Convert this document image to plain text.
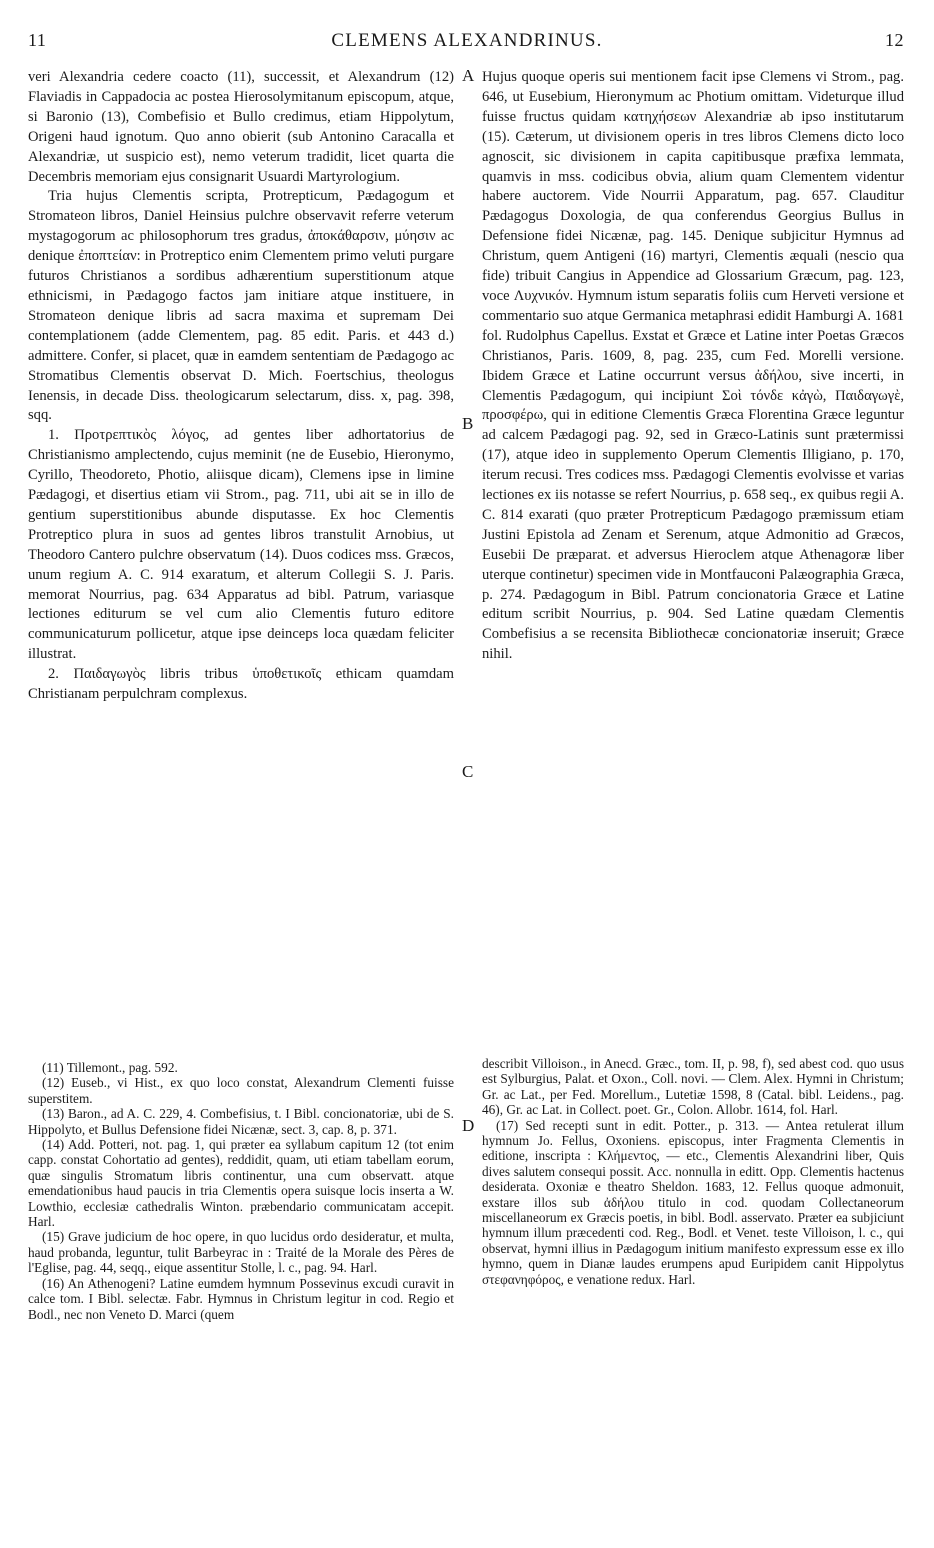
11	CLEMENS ALEXANDRINUS.	12
A
B
C
D

veri Alexandria cedere coacto (11), successit, et Alexandrum (12) Flaviadis in Cappadocia ac postea Hierosolymitanum episcopum, atque, si Baronio (13), Combefisio et Bullo credimus, etiam Hippolytum, Origeni haud ignotum. Quo anno obierit (sub Antonino Caracalla et Alexandriæ, ut suspicio est), nemo veterum tradidit, licet quarta die Decembris memoriam ejus consignarit Usuardi Martyrologium.

Tria hujus Clementis scripta, Protrepticum, Pædagogum et Stromateon libros, Daniel Heinsius pulchre observavit referre veterum mystagogorum ac philosophorum tres gradus, ἀποκάθαρσιν, μύησιν ac denique ἐποπτείαν: in Protreptico enim Clementem primo veluti purgare futuros Christianos a sordibus adhærentium superstitionum atque ethnicismi, in Pædagogo factos jam initiare atque instituere, in Stromateon denique libris ad sacra maxima et supremam Dei contemplationem (adde Clementem, pag. 85 edit. Paris. et 443 d.) admittere. Confer, si placet, quæ in eamdem sententiam de Pædagogo ac Stromatibus Clementis observat D. Mich. Foertschius, theologus Ienensis, in decade Diss. theologicarum selectarum, diss. x, pag. 398, sqq.

1. Προτρεπτικὸς λόγος, ad gentes liber adhortatorius de Christianismo amplectendo, cujus meminit (ne de Eusebio, Hieronymo, Cyrillo, Theodoreto, Photio, aliisque dicam), Clemens ipse in limine Pædagogi, et disertius etiam vii Strom., pag. 711, ubi ait se in illo de gentium superstitionibus abunde disputasse. Ex hoc Clementis Protreptico plura in suos ad gentes libros transtulit Arnobius, ut Theodoro Cantero pulchre observatum (14). Duos codices mss. Græcos, unum regium A. C. 914 exaratum, et alterum Collegii S. J. Paris. memorat Nourrius, pag. 634 Apparatus ad bibl. Patrum, variasque lectiones editurum se vel cum alio Clementis futuro editore communicaturum pollicetur, atque ipse deinceps loca quædam feliciter illustrat.

2. Παιδαγωγὸς libris tribus ὑποθετικοῖς ethicam quamdam Christianam perpulchram complexus.

(11) Tillemont., pag. 592.

(12) Euseb., vi Hist., ex quo loco constat, Alexandrum Clementi fuisse superstitem.

(13) Baron., ad A. C. 229, 4. Combefisius, t. I Bibl. concionatoriæ, ubi de S. Hippolyto, et Bullus Defensione fidei Nicænæ, sect. 3, cap. 8, p. 371.

(14) Add. Potteri, not. pag. 1, qui præter ea syllabum capitum 12 (tot enim capp. constat Cohortatio ad gentes), reddidit, quam, uti etiam tabellam eorum, quæ singulis Stromatum libris continentur, una cum observatt. atque emendationibus haud paucis in tria Clementis opera suisque locis inserta a W. Lowthio, ecclesiæ cathedralis Winton. præbendario communicatam accepit. Harl.

(15) Grave judicium de hoc opere, in quo lucidus ordo desideratur, et multa, haud probanda, leguntur, tulit Barbeyrac in : Traité de la Morale des Pères de l'Eglise, pag. 44, seqq., eique assentitur Stolle, l. c., pag. 94. Harl.

(16) An Athenogeni? Latine eumdem hymnum Possevinus excudi curavit in calce tom. I Bibl. selectæ. Fabr. Hymnus in Christum legitur in cod. Regio et Bodl., nec non Veneto D. Marci (quem

Hujus quoque operis sui mentionem facit ipse Clemens vi Strom., pag. 646, ut Eusebium, Hieronymum ac Photium omittam. Videturque illud fuisse fructus quidam κατηχήσεων Alexandriæ ab ipso institutarum (15). Cæterum, ut divisionem operis in tres libros Clemens dicto loco agnoscit, sic divisionem in capita capitibusque præfixa lemmata, quamvis in mss. codicibus obvia, alium quam Clementem videntur habere auctorem. Vide Nourrii Apparatum, pag. 657. Clauditur Pædagogus Doxologia, de qua conferendus Georgius Bullus in Defensione fidei Nicænæ, pag. 145. Denique subjicitur Hymnus ad Christum, quem Antigeni (16) martyri, Clementis æquali (nescio qua fide) tribuit Cangius in Appendice ad Glossarium Græcum, pag. 123, voce Λυχνικόν. Hymnum istum separatis foliis cum Herveti versione et commentario suo atque Germanica metaphrasi edidit Hamburgi A. 1681 fol. Rudolphus Capellus. Exstat et Græce et Latine inter Poetas Græcos Christianos, Paris. 1609, 8, pag. 235, cum Fed. Morelli versione. Ibidem Græce et Latine occurrunt versus ἀδήλου, sive incerti, in Clementis Pædagogum, qui incipiunt Σοὶ τόνδε κἀγὼ, Παιδαγωγὲ, προσφέρω, qui in editione Clementis Græca Florentina Græce leguntur ad calcem Pædagogi pag. 92, sed in Græco-Latinis sunt prætermissi (17), atque ideo in supplemento Operum Clementis Illigiano, p. 170, iterum recusi. Tres codices mss. Pædagogi Clementis evolvisse et varias lectiones ex iis notasse se refert Nourrius, p. 658 seq., ex quibus regii A. C. 814 exarati (quo præter Protrepticum Pædagogo præmissum etiam Justini Epistola ad Zenam et Serenum, atque Admonitio ad Græcos, Eusebii De præparat. et adversus Hieroclem atque Athenagoræ liber uterque continetur) specimen vide in Montfauconi Palæographia Græca, p. 274. Pædagogum in Bibl. Patrum concionatoria Græce et Latine editum scribit Nourrius, p. 904. Sed Latine quædam Clementis Combefisius a se recensita Bibliothecæ concionatoriæ inseruit; Græce nihil.

describit Villoison., in Anecd. Græc., tom. II, p. 98, f), sed abest cod. quo usus est Sylburgius, Palat. et Oxon., Coll. novi. — Clem. Alex. Hymni in Christum; Gr. ac Lat., per Fed. Morellum., Lutetiæ 1598, 8 (Catal. bibl. Leidens., pag. 46), Gr. ac Lat. in Collect. poet. Gr., Colon. Allobr. 1614, fol. Harl.

(17) Sed recepti sunt in edit. Potter., p. 313. — Antea retulerat illum hymnum Jo. Fellus, Oxoniens. episcopus, inter Fragmenta Clementis in editione, inscripta : Κλήμεντος, — etc., Clementis Alexandrini liber, Quis dives salutem consequi possit. Acc. nonnulla in editt. Opp. Clementis hactenus desiderata. Oxoniæ e theatro Sheldon. 1683, 12. Fellus quoque admonuit, exstare illos sub ἀδήλου titulo in cod. quodam Collectaneorum miscellaneorum ex Græcis poetis, in bibl. Bodl. asservato. Præter ea subjiciunt hymnum illum præcedenti cod. Reg., Bodl. et Venet. teste Villoison, l. c., qui observat, hymni illius in Pædagogum initium manifesto expressum esse ex illo hymno, quem in Dianæ laudes erumpens apud Euripidem canit Hippolytus στεφανηφόρος, e venatione redux. Harl.
